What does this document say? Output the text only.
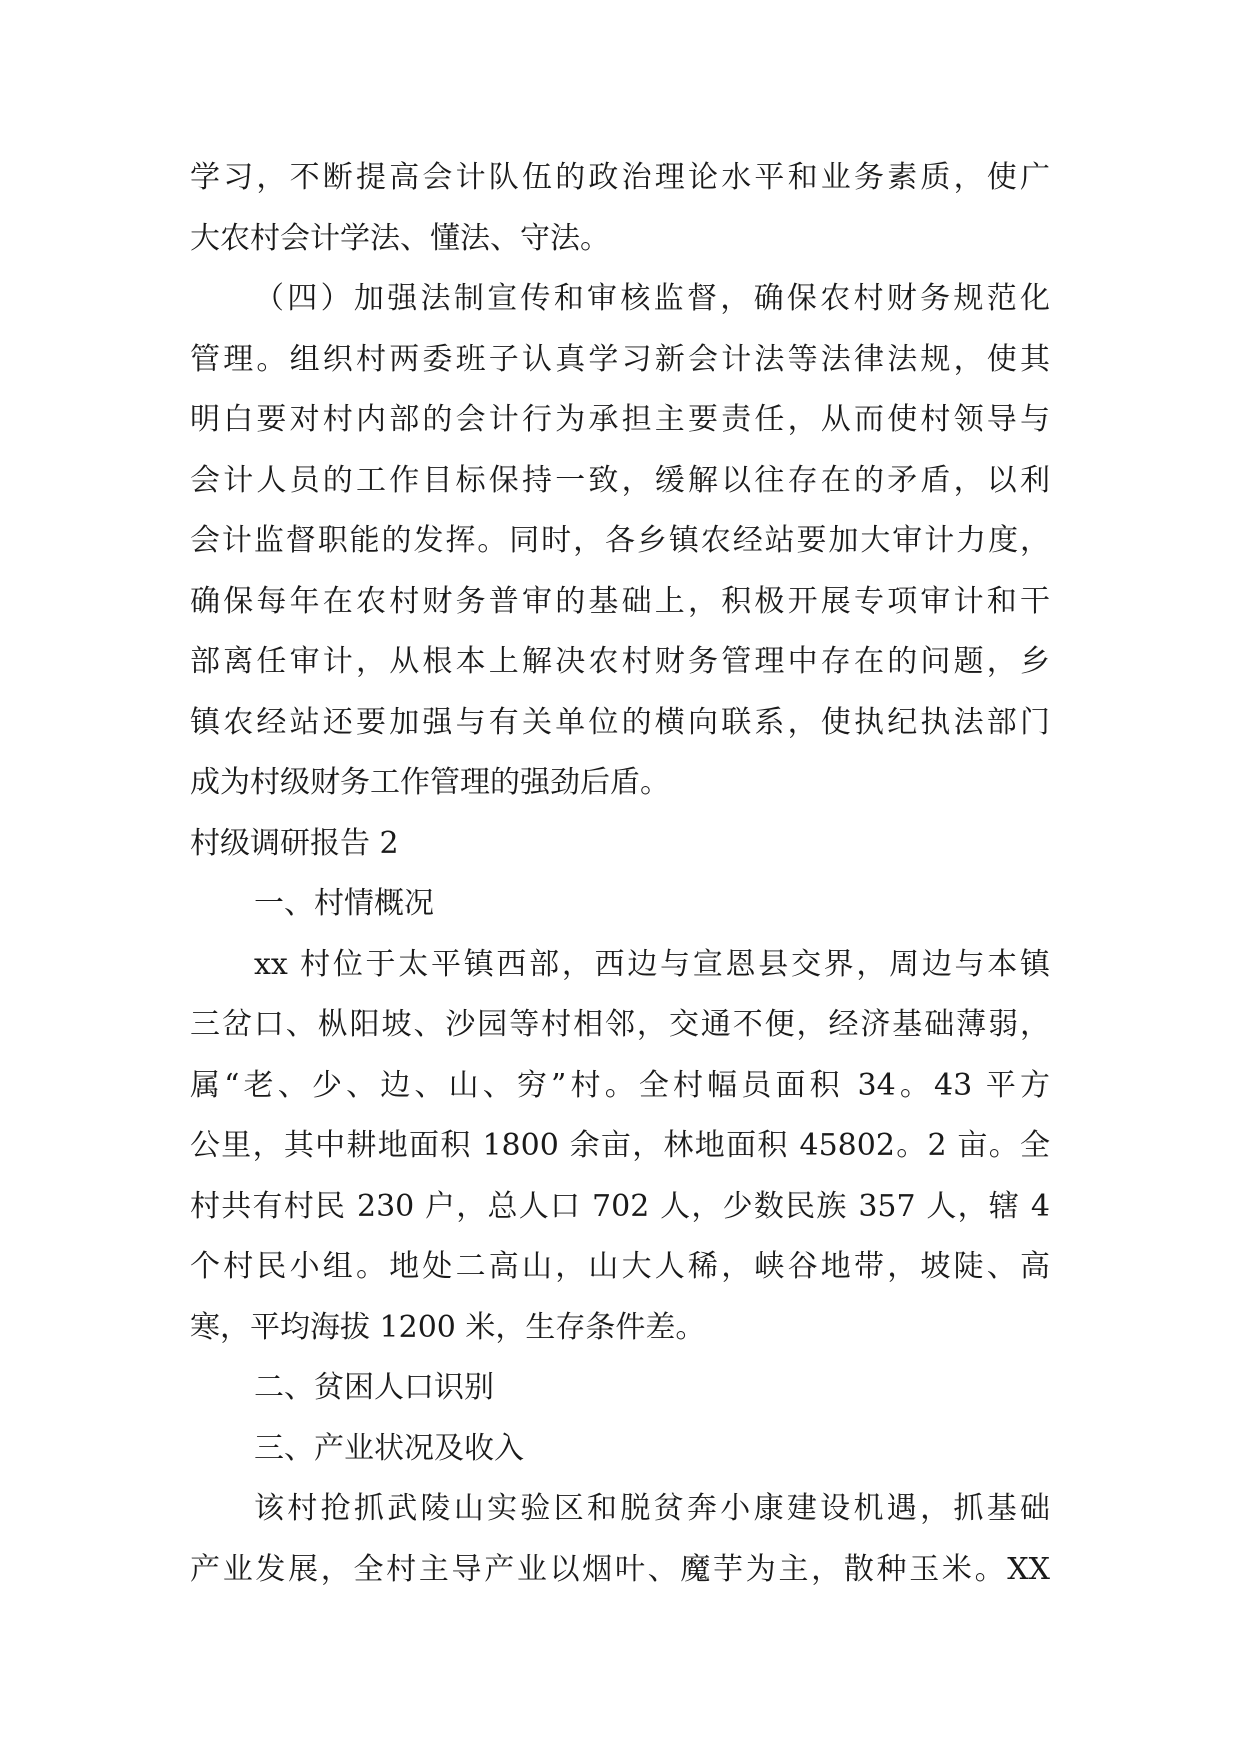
学习，不断提高会计队伍的政治理论水平和业务素质，使广
大农村会计学法、懂法、守法。
（四）加强法制宣传和审核监督，确保农村财务规范化
管理。组织村两委班子认真学习新会计法等法律法规，使其
明白要对村内部的会计行为承担主要责任，从而使村领导与
会计人员的工作目标保持一致，缓解以往存在的矛盾，以利
会计监督职能的发挥。同时，各乡镇农经站要加大审计力度，
确保每年在农村财务普审的基础上，积极开展专项审计和干
部离任审计，从根本上解决农村财务管理中存在的问题，乡
镇农经站还要加强与有关单位的横向联系，使执纪执法部门
成为村级财务工作管理的强劲后盾。
村级调研报告 2
一、村情概况
xx 村位于太平镇西部，西边与宣恩县交界，周边与本镇
三岔口、枞阳坡、沙园等村相邻，交通不便，经济基础薄弱，
属“老、少、边、山、穷”村。全村幅员面积 34。43 平方
公里，其中耕地面积 1800 余亩，林地面积 45802。2 亩。全
村共有村民 230 户，总人口 702 人，少数民族 357 人，辖 4
个村民小组。地处二高山，山大人稀，峡谷地带，坡陡、高
寒，平均海拔 1200 米，生存条件差。
二、贫困人口识别
三、产业状况及收入
该村抢抓武陵山实验区和脱贫奔小康建设机遇，抓基础
产业发展，全村主导产业以烟叶、魔芋为主，散种玉米。XX
